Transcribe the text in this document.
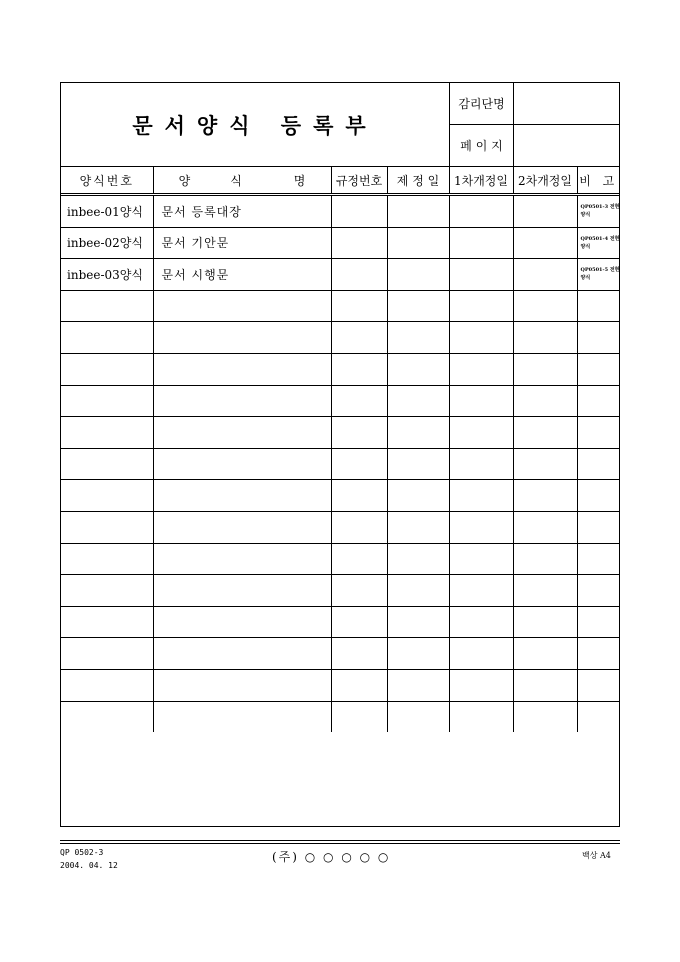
문서양식 등록부
감리단명	
페 이 지	
양식번호	양 식 명	규정번호	제 정 일	1차개정일	2차개정일	비 고
inbee-01양식	문서 등록대장					QP0501-3 전현양식
inbee-02양식	문서 기안문					QP0501-4 전현양식
inbee-03양식	문서 시행문					QP0501-5 전현양식

QP 0502-3
2004. 04. 12
(주) ○ ○ ○ ○ ○	백상 A4
